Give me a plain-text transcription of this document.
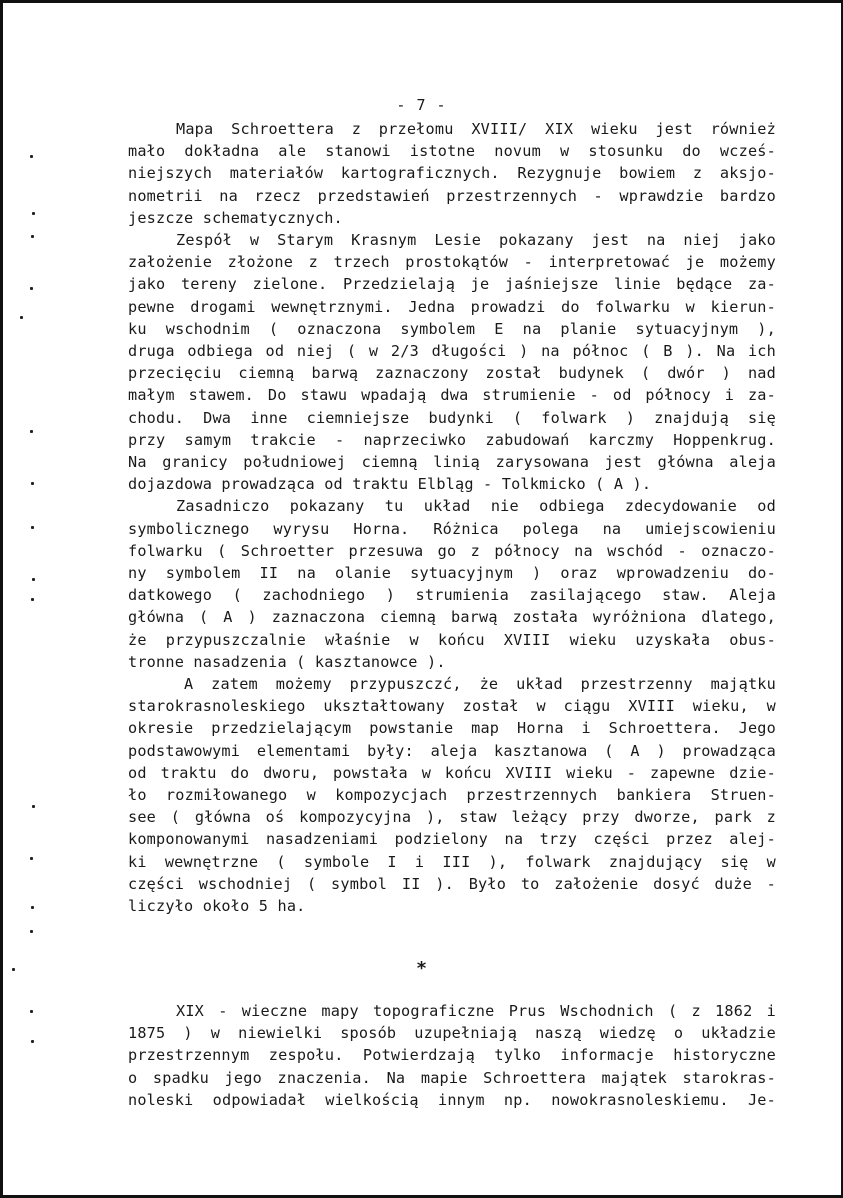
- 7 -
Mapa Schroettera z przełomu XVIII/ XIX wieku jest również
mało dokładna ale stanowi istotne novum w stosunku do wcześ-
niejszych materiałów kartograficznych. Rezygnuje bowiem z aksjo-
nometrii na rzecz przedstawień przestrzennych - wprawdzie bardzo
jeszcze schematycznych.
Zespół w Starym Krasnym Lesie pokazany jest na niej jako
założenie złożone z trzech prostokątów - interpretować je możemy
jako tereny zielone. Przedzielają je jaśniejsze linie będące za-
pewne drogami wewnętrznymi. Jedna prowadzi do folwarku w kierun-
ku wschodnim ( oznaczona symbolem E na planie sytuacyjnym ),
druga odbiega od niej ( w 2/3 długości ) na północ ( B ). Na ich
przecięciu ciemną barwą zaznaczony został budynek ( dwór ) nad
małym stawem. Do stawu wpadają dwa strumienie - od północy i za-
chodu. Dwa inne ciemniejsze budynki ( folwark ) znajdują się
przy samym trakcie - naprzeciwko zabudowań karczmy Hoppenkrug.
Na granicy południowej ciemną linią zarysowana jest główna aleja
dojazdowa prowadząca od traktu Elbląg - Tolkmicko ( A ).
Zasadniczo pokazany tu układ nie odbiega zdecydowanie od
symbolicznego wyrysu Horna. Różnica polega na umiejscowieniu
folwarku ( Schroetter przesuwa go z północy na wschód - oznaczo-
ny symbolem II na olanie sytuacyjnym ) oraz wprowadzeniu do-
datkowego ( zachodniego ) strumienia zasilającego staw. Aleja
główna ( A ) zaznaczona ciemną barwą została wyróżniona dlatego,
że przypuszczalnie właśnie w końcu XVIII wieku uzyskała obus-
tronne nasadzenia ( kasztanowce ).
A zatem możemy przypuszczć, że układ przestrzenny majątku
starokrasnoleskiego ukształtowany został w ciągu XVIII wieku, w
okresie przedzielającym powstanie map Horna i Schroettera. Jego
podstawowymi elementami były: aleja kasztanowa ( A ) prowadząca
od traktu do dworu, powstała w końcu XVIII wieku - zapewne dzie-
ło rozmiłowanego w kompozycjach przestrzennych bankiera Struen-
see ( główna oś kompozycyjna ), staw leżący przy dworze, park z
komponowanymi nasadzeniami podzielony na trzy części przez alej-
ki wewnętrzne ( symbole I i III ), folwark znajdujący się w
części wschodniej ( symbol II ). Było to założenie dosyć duże -
liczyło około 5 ha.
XIX - wieczne mapy topograficzne Prus Wschodnich ( z 1862 i
1875 ) w niewielki sposób uzupełniają naszą wiedzę o układzie
przestrzennym zespołu. Potwierdzają tylko informacje historyczne
o spadku jego znaczenia. Na mapie Schroettera majątek starokras-
noleski odpowiadał wielkością innym np. nowokrasnoleskiemu. Je-
*
